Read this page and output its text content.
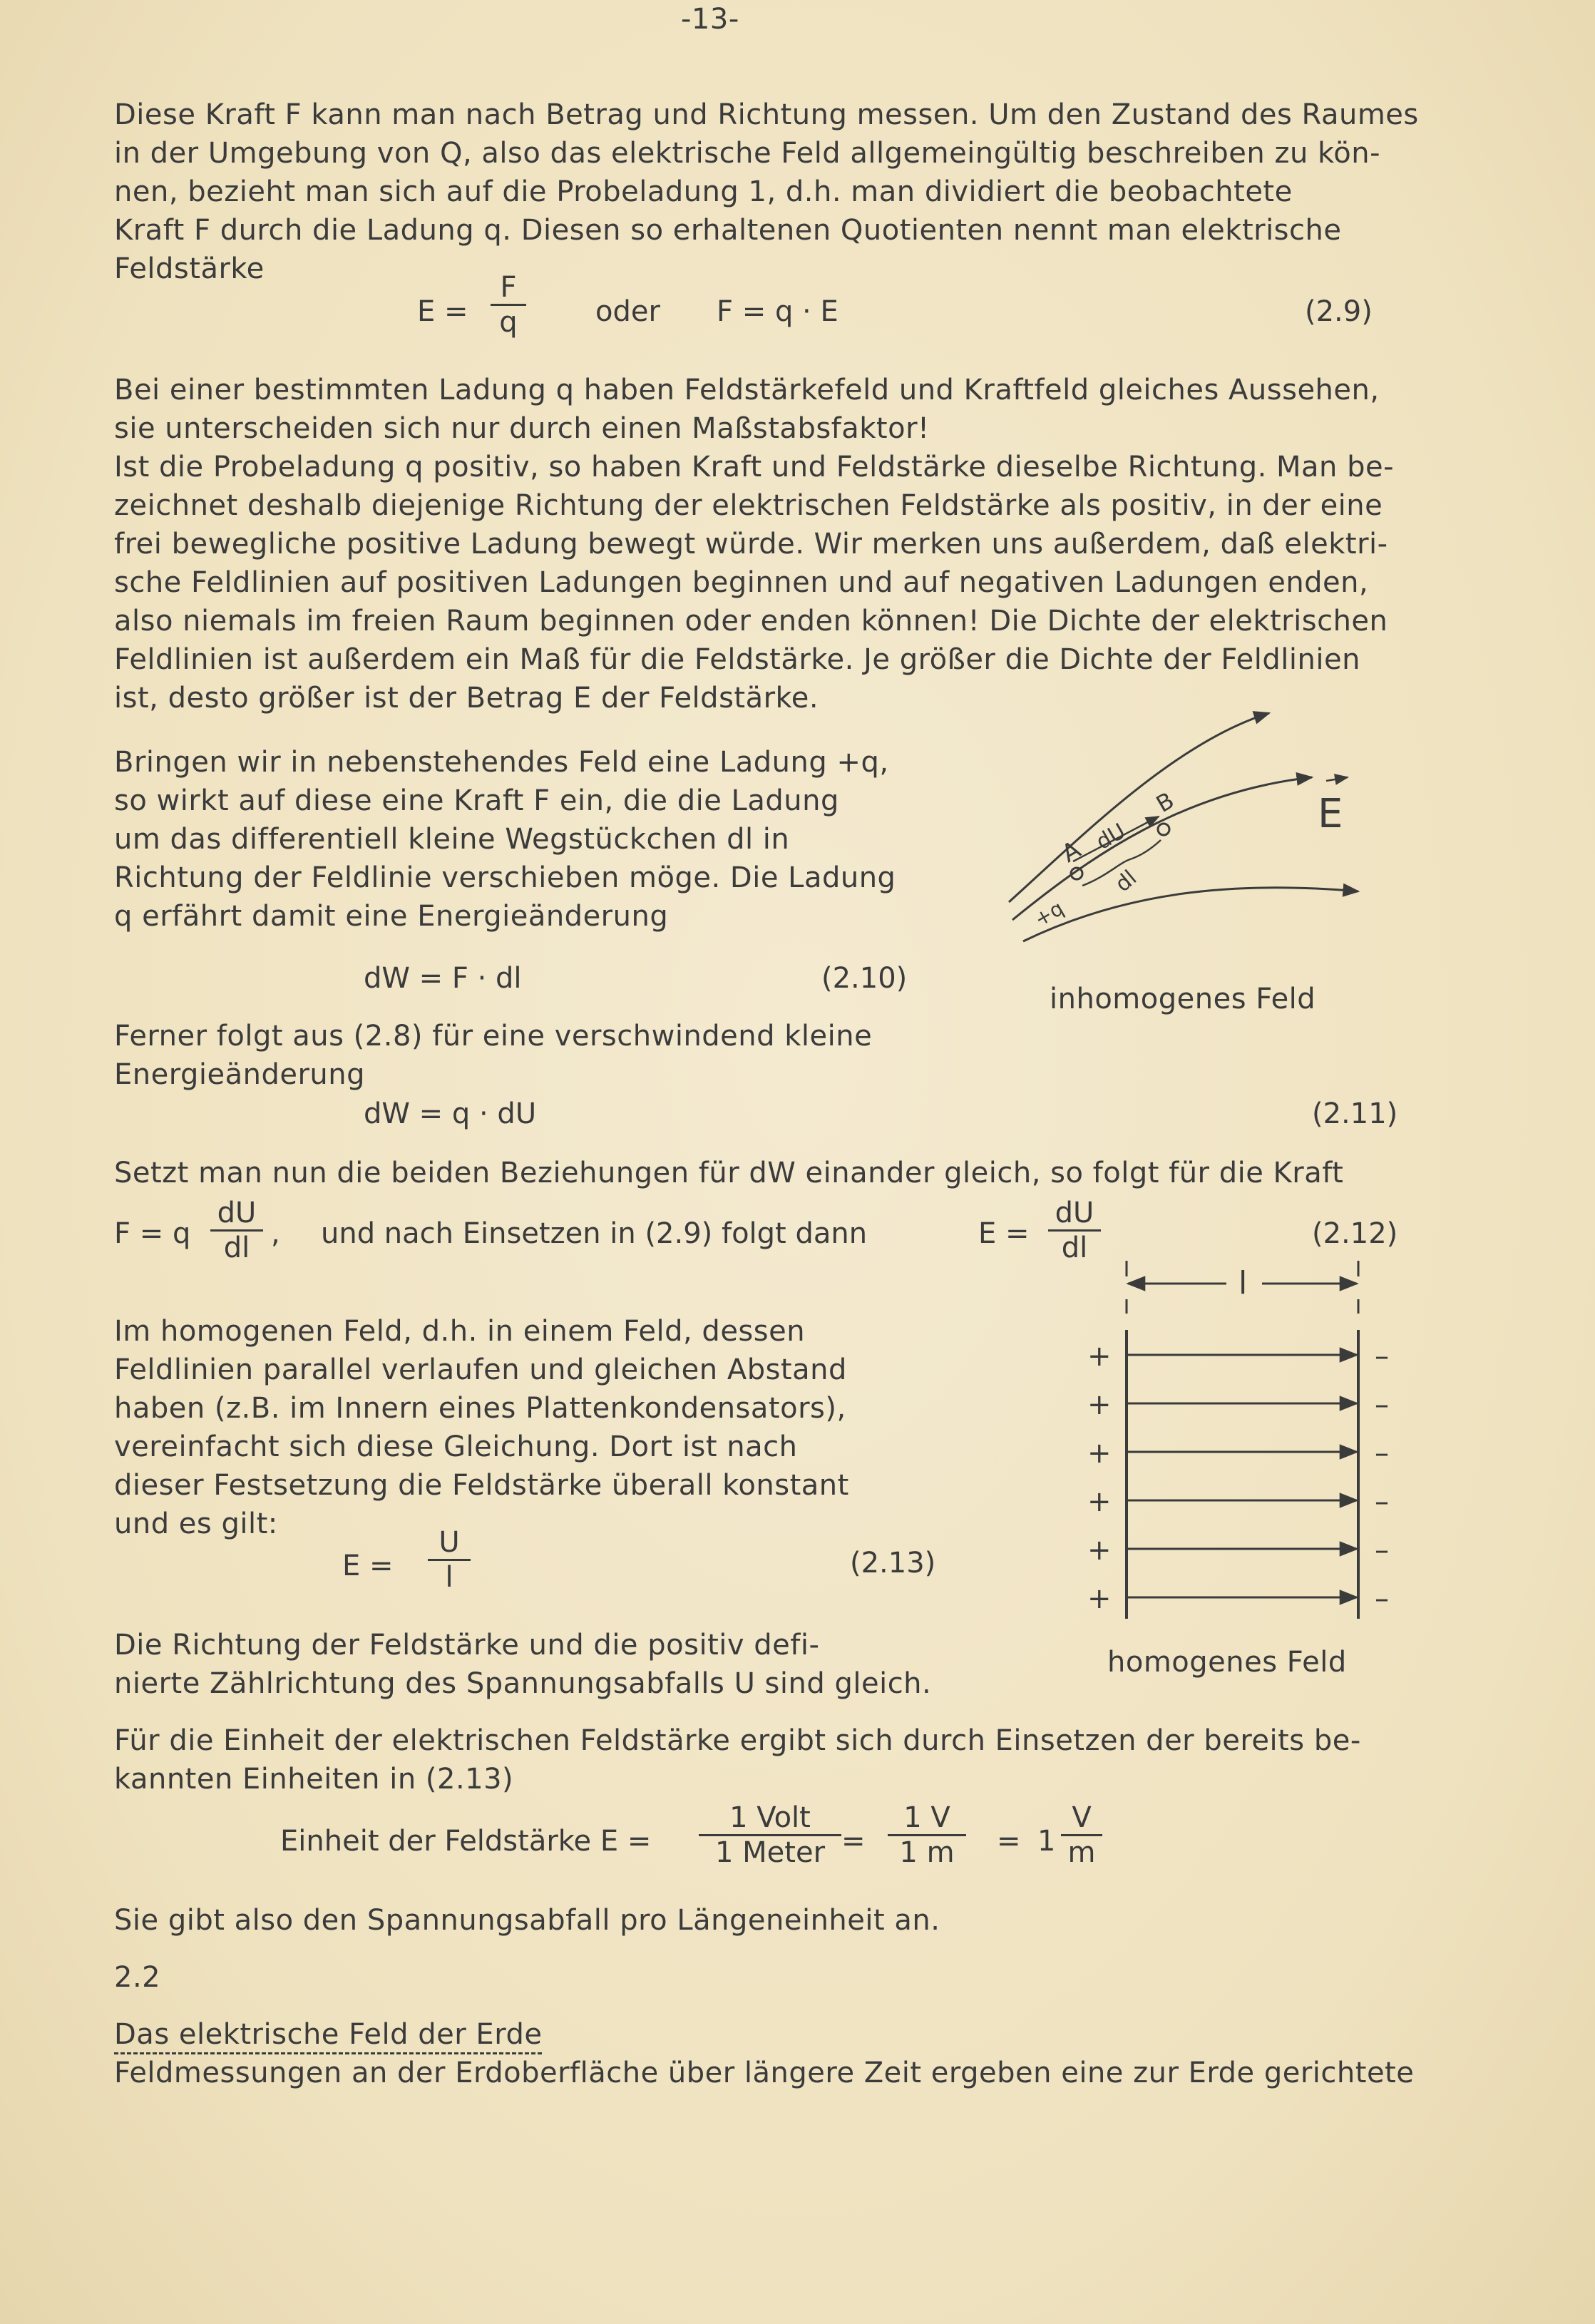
-13-
Diese Kraft F kann man nach Betrag und Richtung messen. Um den Zustand des Raumes
in der Umgebung von Q, also das elektrische Feld allgemeingültig beschreiben zu kön-
nen, bezieht man sich auf die Probeladung 1, d.h. man dividiert die beobachtete
Kraft F durch die Ladung q. Diesen so erhaltenen Quotienten nennt man elektrische
Feldstärke
$E = \frac{F}{q}$ oder F = q · E	(2.9)
Bei einer bestimmten Ladung q haben Feldstärkefeld und Kraftfeld gleiches Aussehen,
sie unterscheiden sich nur durch einen Maßstabsfaktor!
Ist die Probeladung q positiv, so haben Kraft und Feldstärke dieselbe Richtung. Man be-
zeichnet deshalb diejenige Richtung der elektrischen Feldstärke als positiv, in der eine
frei bewegliche positive Ladung bewegt würde. Wir merken uns außerdem, daß elektri-
sche Feldlinien auf positiven Ladungen beginnen und auf negativen Ladungen enden,
also niemals im freien Raum beginnen oder enden können! Die Dichte der elektrischen
Feldlinien ist außerdem ein Maß für die Feldstärke. Je größer die Dichte der Feldlinien
ist, desto größer ist der Betrag E der Feldstärke.
Bringen wir in nebenstehendes Feld eine Ladung +q,
so wirkt auf diese eine Kraft F ein, die die Ladung
um das differentiell kleine Wegstückchen dl in
Richtung der Feldlinie verschieben möge. Die Ladung
q erfährt damit eine Energieänderung
dW = F · dl	(2.10)
E
A dU
B
dl
+q
inhomogenes Feld
Ferner folgt aus (2.8) für eine verschwindend kleine
Energieänderung
dW = q · dU	(2.11)
Setzt man nun die beiden Beziehungen für dW einander gleich, so folgt für die Kraft
F = q $\frac{dU}{dl}$ , und nach Einsetzen in (2.9) folgt dann	$E = \frac{dU}{dl}$	(2.12)
Im homogenen Feld, d.h. in einem Feld, dessen
Feldlinien parallel verlaufen und gleichen Abstand
haben (z.B. im Innern eines Plattenkondensators),
vereinfacht sich diese Gleichung. Dort ist nach
dieser Festsetzung die Feldstärke überall konstant
und es gilt:
$E = \frac{U}{l}$	(2.13)
l
+
+
+
+
+
+
–
–
–
–
–
–
homogenes Feld
Die Richtung der Feldstärke und die positiv defi-
nierte Zählrichtung des Spannungsabfalls U sind gleich.
Für die Einheit der elektrischen Feldstärke ergibt sich durch Einsetzen der bereits be-
kannten Einheiten in (2.13)
Einheit der Feldstärke E =
1 Volt
1 Meter = $\frac{1 V}{1 m} = 1 \frac{V}{m}$
Sie gibt also den Spannungsabfall pro Längeneinheit an.
2.2
Das elektrische Feld der Erde
Feldmessungen an der Erdoberfläche über längere Zeit ergeben eine zur Erde gerichtete
